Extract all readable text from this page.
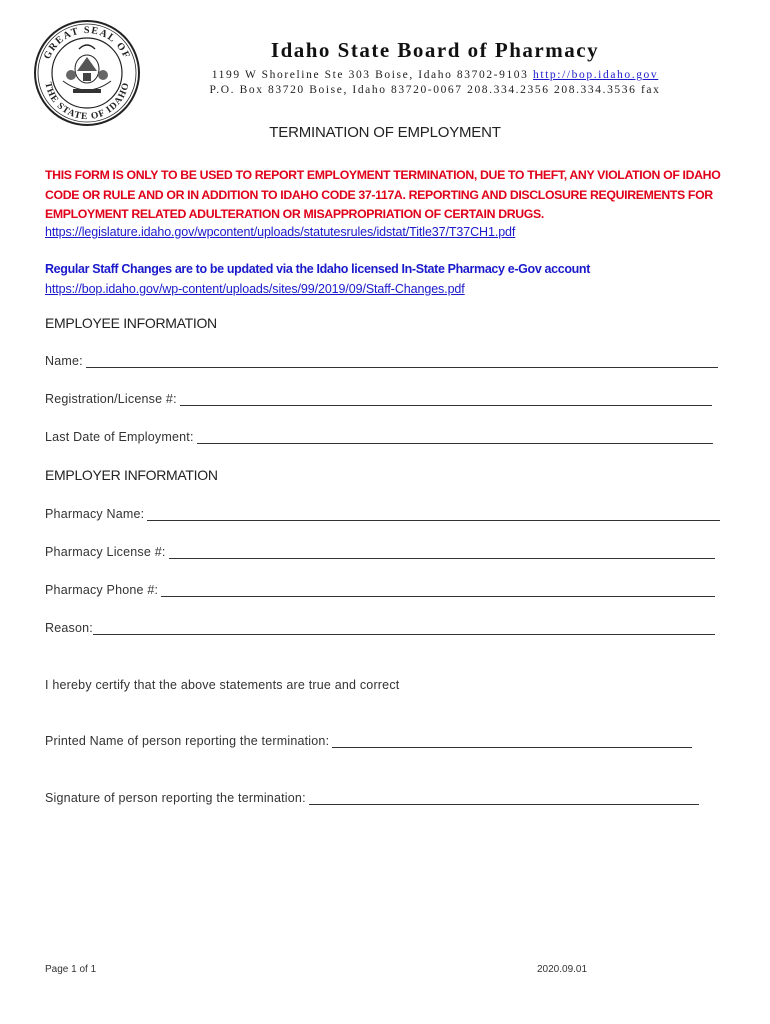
GREAT SEAL OF
THE STATE OF IDAHO
Idaho State Board of Pharmacy
1199 W Shoreline Ste 303 Boise, Idaho 83702-9103 http://bop.idaho.gov
P.O. Box 83720 Boise, Idaho 83720-0067 208.334.2356 208.334.3536 fax
TERMINATION OF EMPLOYMENT
THIS FORM IS ONLY TO BE USED TO REPORT EMPLOYMENT TERMINATION, DUE TO THEFT, ANY VIOLATION OF IDAHO CODE OR RULE AND OR IN ADDITION TO IDAHO CODE 37-117A. REPORTING AND DISCLOSURE REQUIREMENTS FOR EMPLOYMENT RELATED ADULTERATION OR MISAPPROPRIATION OF CERTAIN DRUGS.
https://legislature.idaho.gov/wpcontent/uploads/statutesrules/idstat/Title37/T37CH1.pdf
Regular Staff Changes are to be updated via the Idaho licensed In-State Pharmacy e-Gov account
https://bop.idaho.gov/wp-content/uploads/sites/99/2019/09/Staff-Changes.pdf
EMPLOYEE INFORMATION
Name:
Registration/License #:
Last Date of Employment:
EMPLOYER INFORMATION
Pharmacy Name:
Pharmacy License #:
Pharmacy Phone #:
Reason:
I hereby certify that the above statements are true and correct
Printed Name of person reporting the termination:
Signature of person reporting the termination:
Page 1 of 1	2020.09.01
